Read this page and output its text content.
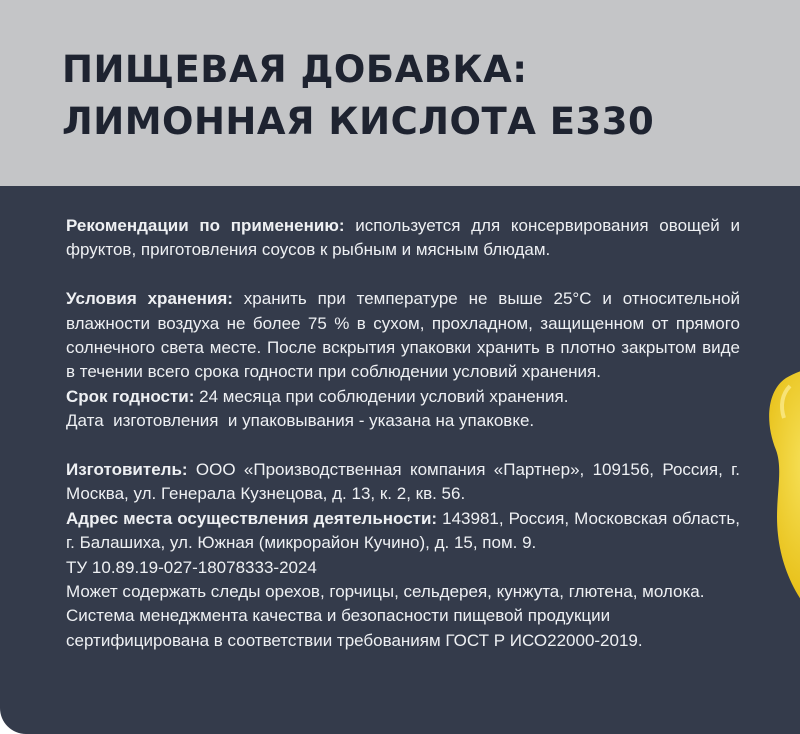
ПИЩЕВАЯ ДОБАВКА:
ЛИМОННАЯ КИСЛОТА Е330

Рекомендации по применению: используется для консервирования овощей и фруктов, приготовления соусов к рыбным и мясным блюдам.

Условия хранения: хранить при температуре не выше 25°С и относительной влажности воздуха не более 75 % в сухом, прохладном, защищенном от прямого солнечного света месте. После вскрытия упаковки хранить в плотно закрытом виде в течении всего срока годности при соблюдении условий хранения.

Срок годности: 24 месяца при соблюдении условий хранения.

Дата  изготовления  и упаковывания - указана на упаковке.

Изготовитель: ООО «Производственная компания «Партнер», 109156, Россия, г. Москва, ул. Генерала Кузнецова, д. 13, к. 2, кв. 56.

Адрес места осуществления деятельности: 143981, Россия, Московская область, г. Балашиха, ул. Южная (микрорайон Кучино), д. 15, пом. 9.

ТУ 10.89.19-027-18078333-2024

Может содержать следы орехов, горчицы, сельдерея, кунжута, глютена, молока.

Система менеджмента качества и безопасности пищевой продукции сертифицирована в соответствии требованиям ГОСТ Р ИСО22000-2019.
